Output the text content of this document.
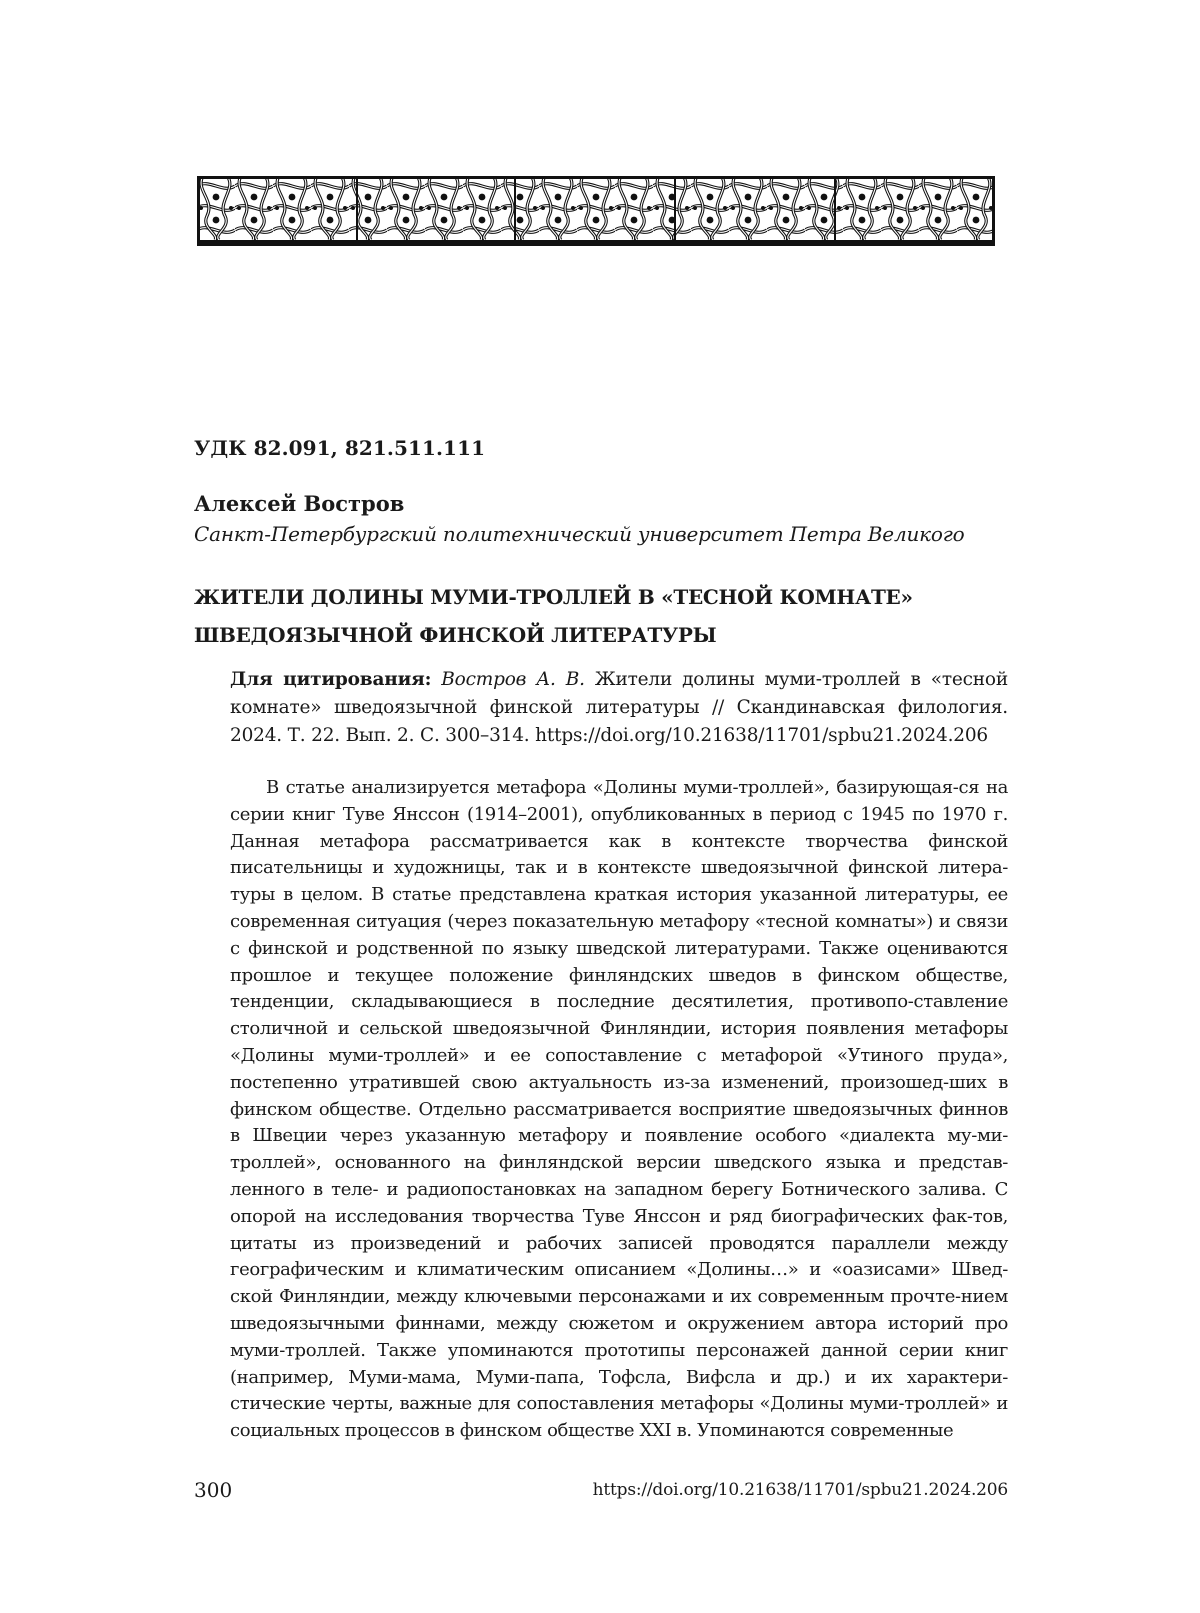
УДК 82.091, 821.511.111
Алексей Востров
Санкт-Петербургский политехнический университет Петра Великого
ЖИТЕЛИ ДОЛИНЫ МУМИ-ТРОЛЛЕЙ В «ТЕСНОЙ КОМНАТЕ»
ШВЕДОЯЗЫЧНОЙ ФИНСКОЙ ЛИТЕРАТУРЫ
Для цитирования: Востров А. В. Жители долины муми-троллей в «тесной комнате» шведоязычной финской литературы // Скандинавская филология. 2024. Т. 22. Вып. 2. С. 300–314. https://doi.org/10.21638/11701/spbu21.2024.206

В статье анализируется метафора «Долины муми-троллей», базирующая-ся на серии книг Туве Янссон (1914–2001), опубликованных в период с 1945 по 1970 г. Данная метафора рассматривается как в контексте творчества финской писательницы и художницы, так и в контексте шведоязычной финской литера-туры в целом. В статье представлена краткая история указанной литературы, ее современная ситуация (через показательную метафору «тесной комнаты») и связи с финской и родственной по языку шведской литературами. Также оцениваются прошлое и текущее положение финляндских шведов в финском обществе, тенденции, складывающиеся в последние десятилетия, противопо-ставление столичной и сельской шведоязычной Финляндии, история появления метафоры «Долины муми-троллей» и ее сопоставление с метафорой «Утиного пруда», постепенно утратившей свою актуальность из-за изменений, произошед-ших в финском обществе. Отдельно рассматривается восприятие шведоязычных финнов в Швеции через указанную метафору и появление особого «диалекта му-ми-троллей», основанного на финляндской версии шведского языка и представ-ленного в теле- и радиопостановках на западном берегу Ботнического залива. С опорой на исследования творчества Туве Янссон и ряд биографических фак-тов, цитаты из произведений и рабочих записей проводятся параллели между географическим и климатическим описанием «Долины…» и «оазисами» Швед-ской Финляндии, между ключевыми персонажами и их современным прочте-нием шведоязычными финнами, между сюжетом и окружением автора историй про муми-троллей. Также упоминаются прототипы персонажей данной серии книг (например, Муми-мама, Муми-папа, Тофсла, Вифсла и др.) и их характери-стические черты, важные для сопоставления метафоры «Долины муми-троллей» и социальных процессов в финском обществе XXI в. Упоминаются современные

300	https://doi.org/10.21638/11701/spbu21.2024.206
